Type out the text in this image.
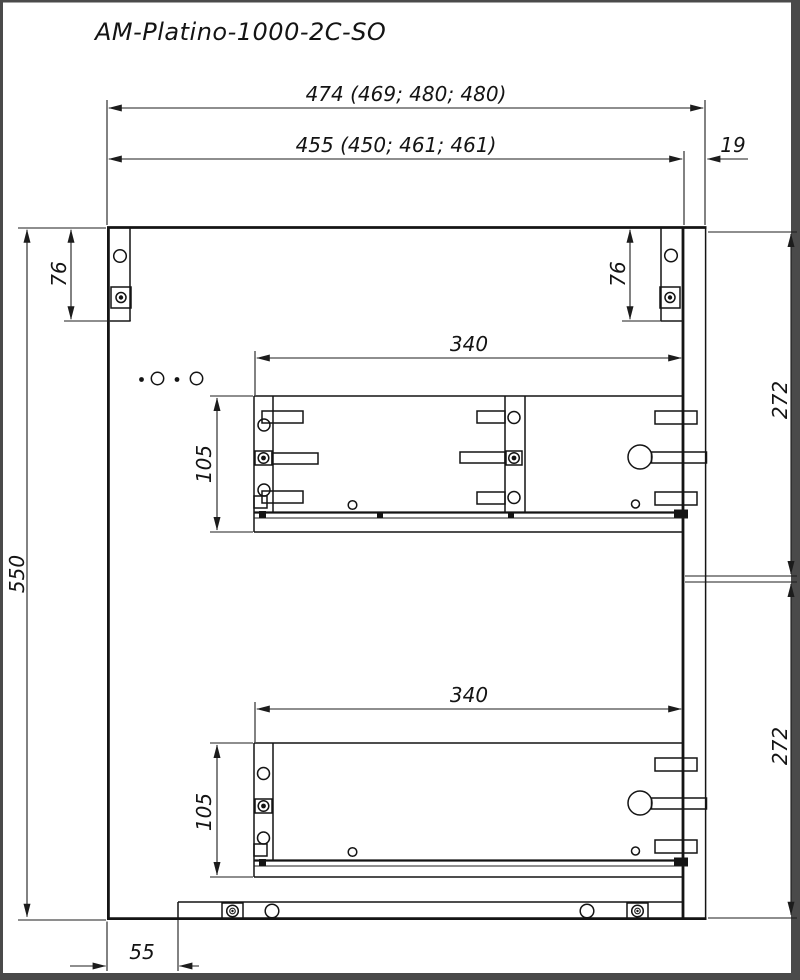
AM-Platino-1000-2C-SO
474 (469; 480; 480)
455 (450; 461; 461)	19
76	76
550
340
272
105
340
272
105
55
